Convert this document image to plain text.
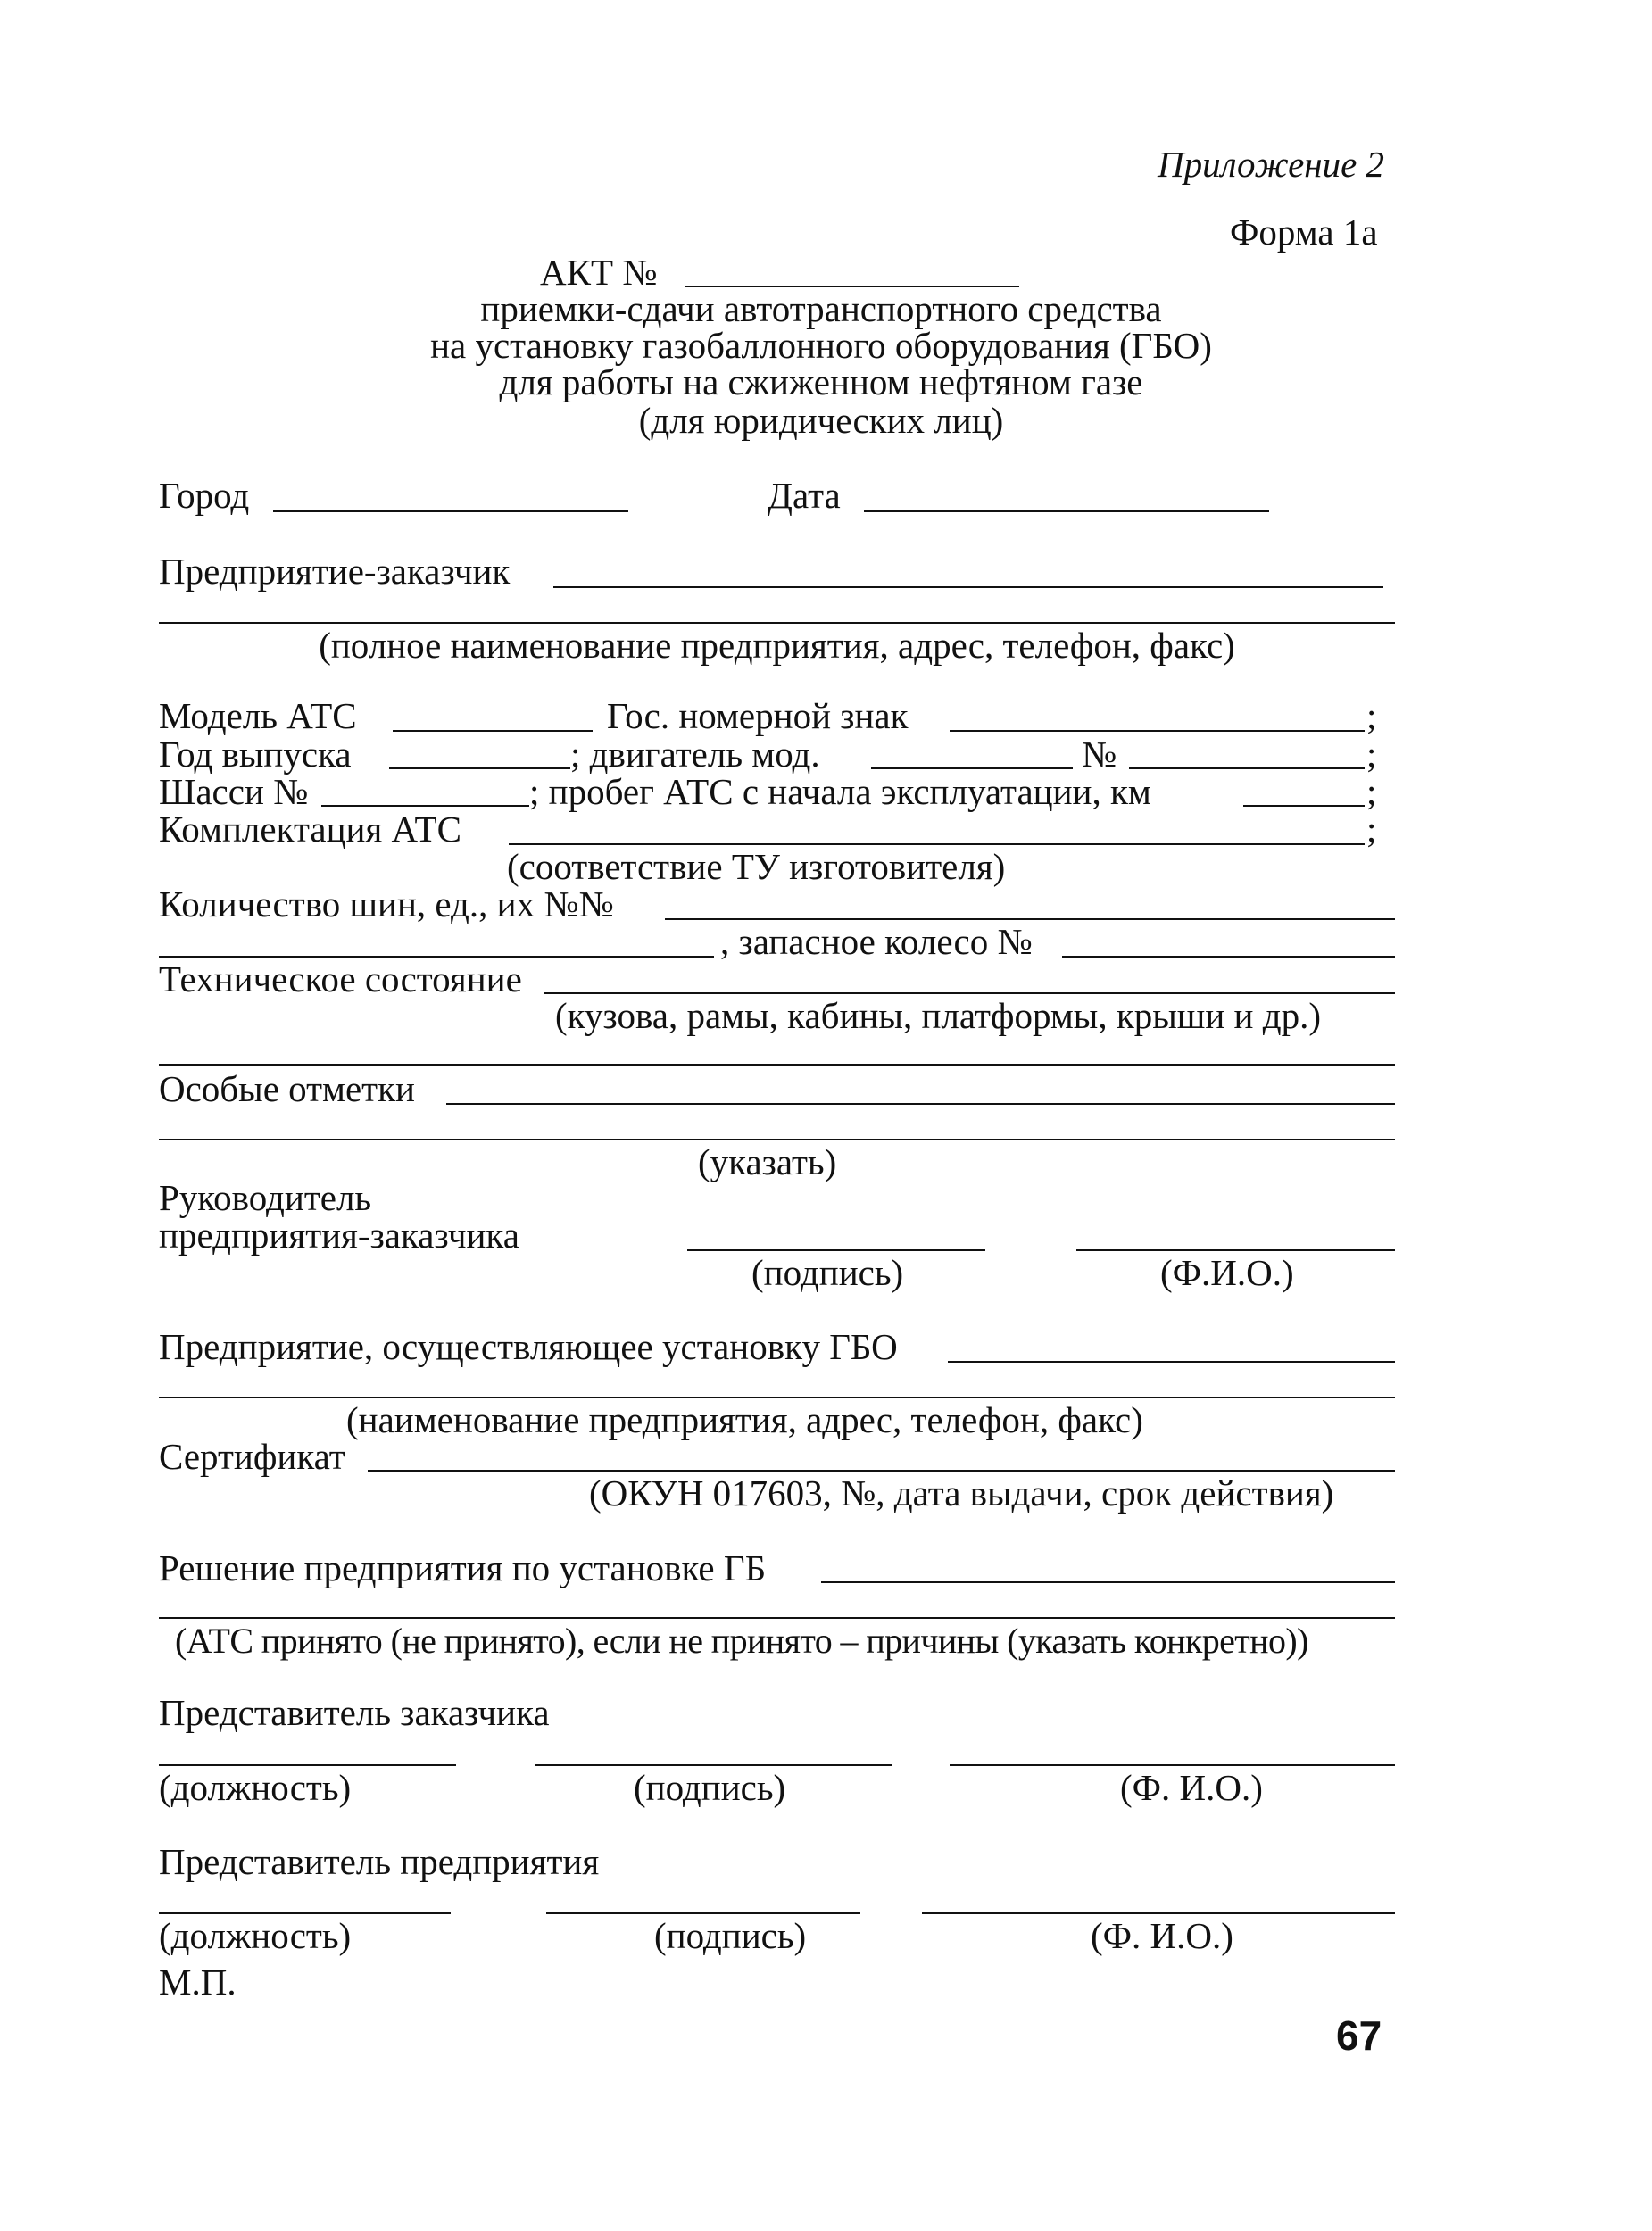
Приложение 2
Форма 1а
АКТ №
приемки-сдачи автотранспортного средства
на установку газобаллонного оборудования (ГБО)
для работы на сжиженном нефтяном газе
(для юридических лиц)
Город	Дата
Предприятие-заказчик
(полное наименование предприятия, адрес, телефон, факс)
Модель АТС	Гос. номерной знак	;
Год выпуска	; двигатель мод.	№	;
Шасси №	; пробег АТС с начала эксплуатации, км	;
Комплектация АТС	;
(соответствие ТУ изготовителя)
Количество шин, ед., их №№
, запасное колесо №
Техническое состояние
(кузова, рамы, кабины, платформы, крыши и др.)
Особые отметки
(указать)
Руководитель
предприятия-заказчика
(подпись)	(Ф.И.О.)
Предприятие, осуществляющее установку ГБО
(наименование предприятия, адрес, телефон, факс)
Сертификат
(ОКУН 017603, №, дата выдачи, срок действия)
Решение предприятия по установке ГБ
(АТС принято (не принято), если не принято – причины (указать конкретно))
Представитель заказчика
(должность)	(подпись)	(Ф. И.О.)
Представитель предприятия
(должность)	(подпись)	(Ф. И.О.)
М.П.
67
